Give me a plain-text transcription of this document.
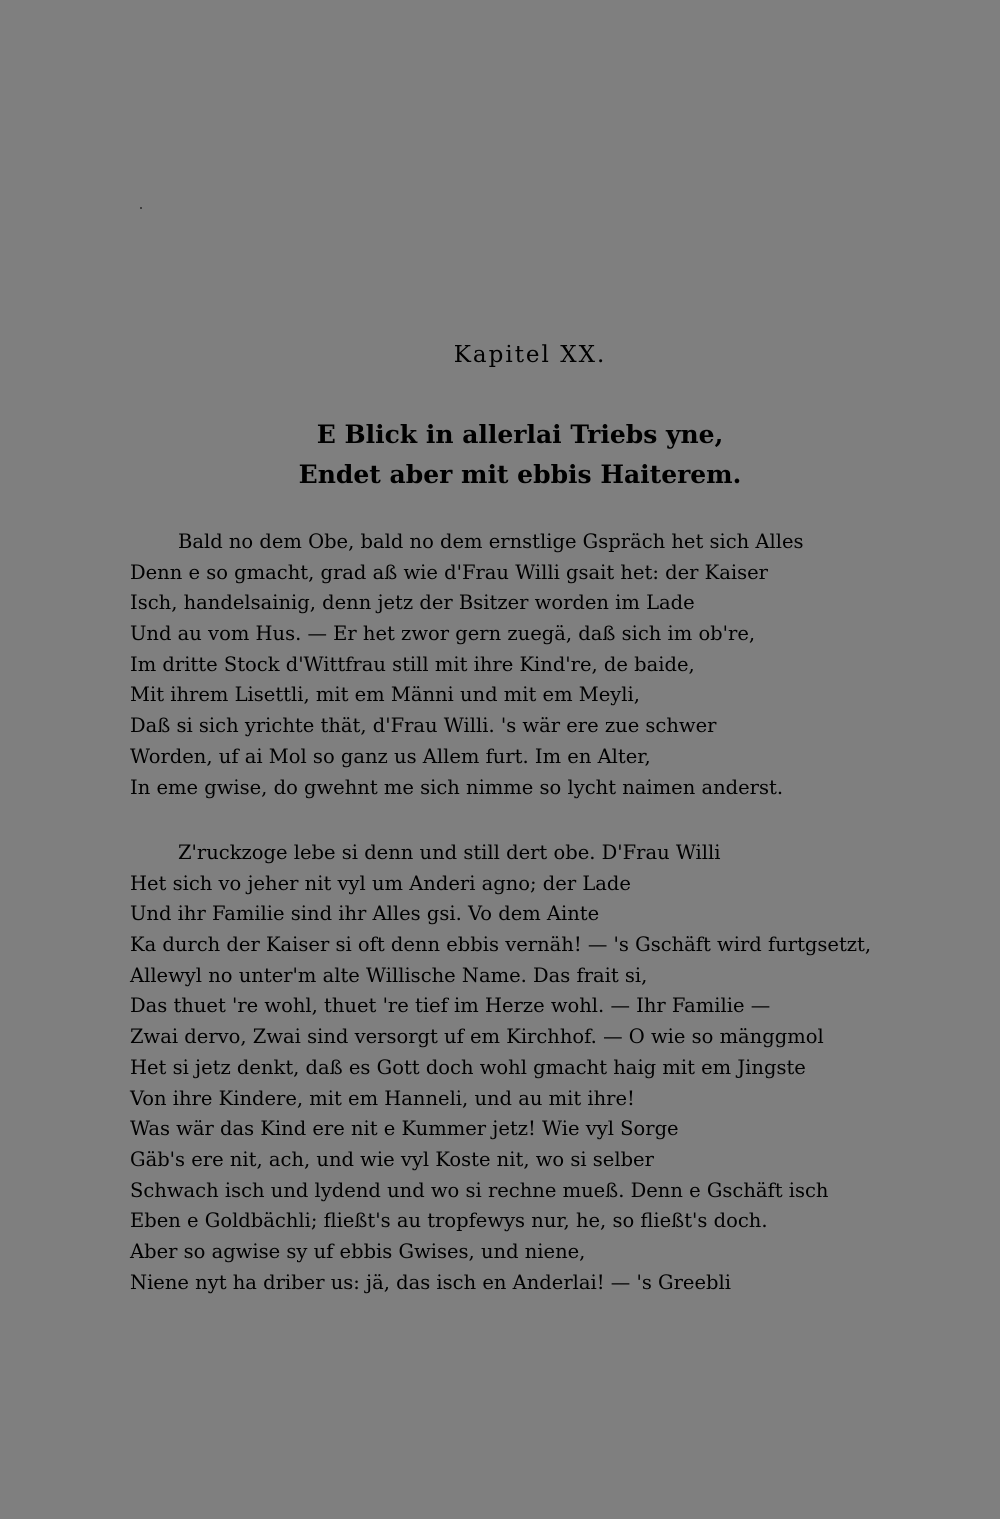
Kapitel XX.
E Blick in allerlai Triebs yne,
Endet aber mit ebbis Haiterem.
Bald no dem Obe, bald no dem ernstlige Gspräch het sich Alles
Denn e so gmacht, grad aß wie d'Frau Willi gsait het: der Kaiser
Isch, handelsainig, denn jetz der Bsitzer worden im Lade
Und au vom Hus. — Er het zwor gern zuegä, daß sich im ob're,
Im dritte Stock d'Wittfrau still mit ihre Kind're, de baide,
Mit ihrem Lisettli, mit em Männi und mit em Meyli,
Daß si sich yrichte thät, d'Frau Willi. 's wär ere zue schwer
Worden, uf ai Mol so ganz us Allem furt. Im en Alter,
In eme gwise, do gwehnt me sich nimme so lycht naimen anderst.
Z'ruckzoge lebe si denn und still dert obe. D'Frau Willi
Het sich vo jeher nit vyl um Anderi agno; der Lade
Und ihr Familie sind ihr Alles gsi. Vo dem Ainte
Ka durch der Kaiser si oft denn ebbis vernäh! — 's Gschäft wird furtgsetzt,
Allewyl no unter'm alte Willische Name. Das frait si,
Das thuet 're wohl, thuet 're tief im Herze wohl. — Ihr Familie —
Zwai dervo, Zwai sind versorgt uf em Kirchhof. — O wie so mänggmol
Het si jetz denkt, daß es Gott doch wohl gmacht haig mit em Jingste
Von ihre Kindere, mit em Hanneli, und au mit ihre!
Was wär das Kind ere nit e Kummer jetz! Wie vyl Sorge
Gäb's ere nit, ach, und wie vyl Koste nit, wo si selber
Schwach isch und lydend und wo si rechne mueß. Denn e Gschäft isch
Eben e Goldbächli; fließt's au tropfewys nur, he, so fließt's doch.
Aber so agwise sy uf ebbis Gwises, und niene,
Niene nyt ha driber us: jä, das isch en Anderlai! — 's Greebli
